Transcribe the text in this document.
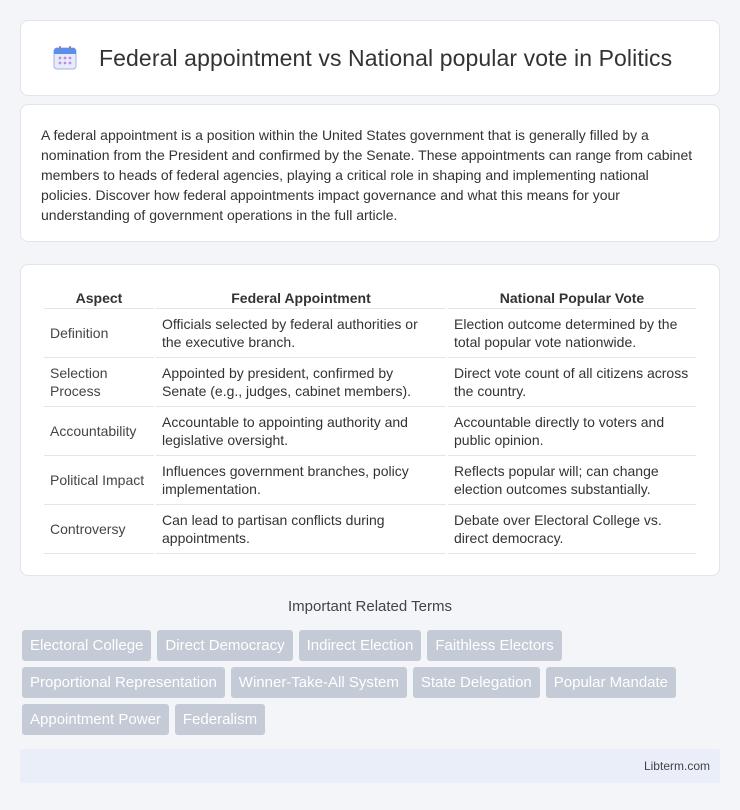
Federal appointment vs National popular vote in Politics

A federal appointment is a position within the United States government that is generally filled by a nomination from the President and confirmed by the Senate. These appointments can range from cabinet members to heads of federal agencies, playing a critical role in shaping and implementing national policies. Discover how federal appointments impact governance and what this means for your understanding of government operations in the full article.

Aspect	Federal Appointment	National Popular Vote
Definition	Officials selected by federal authorities or the executive branch.	Election outcome determined by the total popular vote nationwide.
Selection Process	Appointed by president, confirmed by Senate (e.g., judges, cabinet members).	Direct vote count of all citizens across the country.
Accountability	Accountable to appointing authority and legislative oversight.	Accountable directly to voters and public opinion.
Political Impact	Influences government branches, policy implementation.	Reflects popular will; can change election outcomes substantially.
Controversy	Can lead to partisan conflicts during appointments.	Debate over Electoral College vs. direct democracy.
Important Related Terms
Electoral College	Direct Democracy	Indirect Election	Faithless Electors
Proportional Representation	Winner-Take-All System	State Delegation	Popular Mandate
Appointment Power	Federalism
Libterm.com
